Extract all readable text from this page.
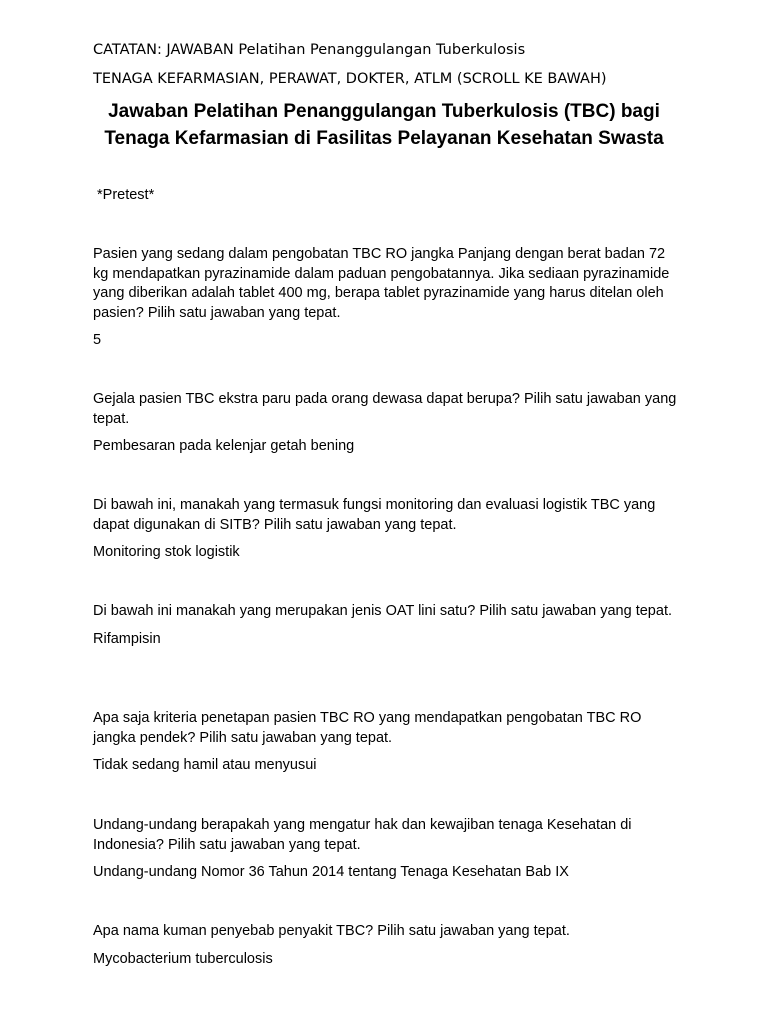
CATATAN: JAWABAN Pelatihan Penanggulangan Tuberkulosis
TENAGA KEFARMASIAN, PERAWAT, DOKTER, ATLM (SCROLL KE BAWAH)
Jawaban Pelatihan Penanggulangan Tuberkulosis (TBC) bagi Tenaga Kefarmasian di Fasilitas Pelayanan Kesehatan Swasta
*Pretest*

Pasien yang sedang dalam pengobatan TBC RO jangka Panjang dengan berat badan 72 kg mendapatkan pyrazinamide dalam paduan pengobatannya. Jika sediaan pyrazinamide yang diberikan adalah tablet 400 mg, berapa tablet pyrazinamide yang harus ditelan oleh pasien? Pilih satu jawaban yang tepat.

5

Gejala pasien TBC ekstra paru pada orang dewasa dapat berupa? Pilih satu jawaban yang tepat.

Pembesaran pada kelenjar getah bening

Di bawah ini, manakah yang termasuk fungsi monitoring dan evaluasi logistik TBC yang dapat digunakan di SITB? Pilih satu jawaban yang tepat.

Monitoring stok logistik

Di bawah ini manakah yang merupakan jenis OAT lini satu? Pilih satu jawaban yang tepat.

Rifampisin

Apa saja kriteria penetapan pasien TBC RO yang mendapatkan pengobatan TBC RO jangka pendek? Pilih satu jawaban yang tepat.

Tidak sedang hamil atau menyusui

Undang-undang berapakah yang mengatur hak dan kewajiban tenaga Kesehatan di Indonesia? Pilih satu jawaban yang tepat.

Undang-undang Nomor 36 Tahun 2014 tentang Tenaga Kesehatan Bab IX

Apa nama kuman penyebab penyakit TBC? Pilih satu jawaban yang tepat.

Mycobacterium tuberculosis
